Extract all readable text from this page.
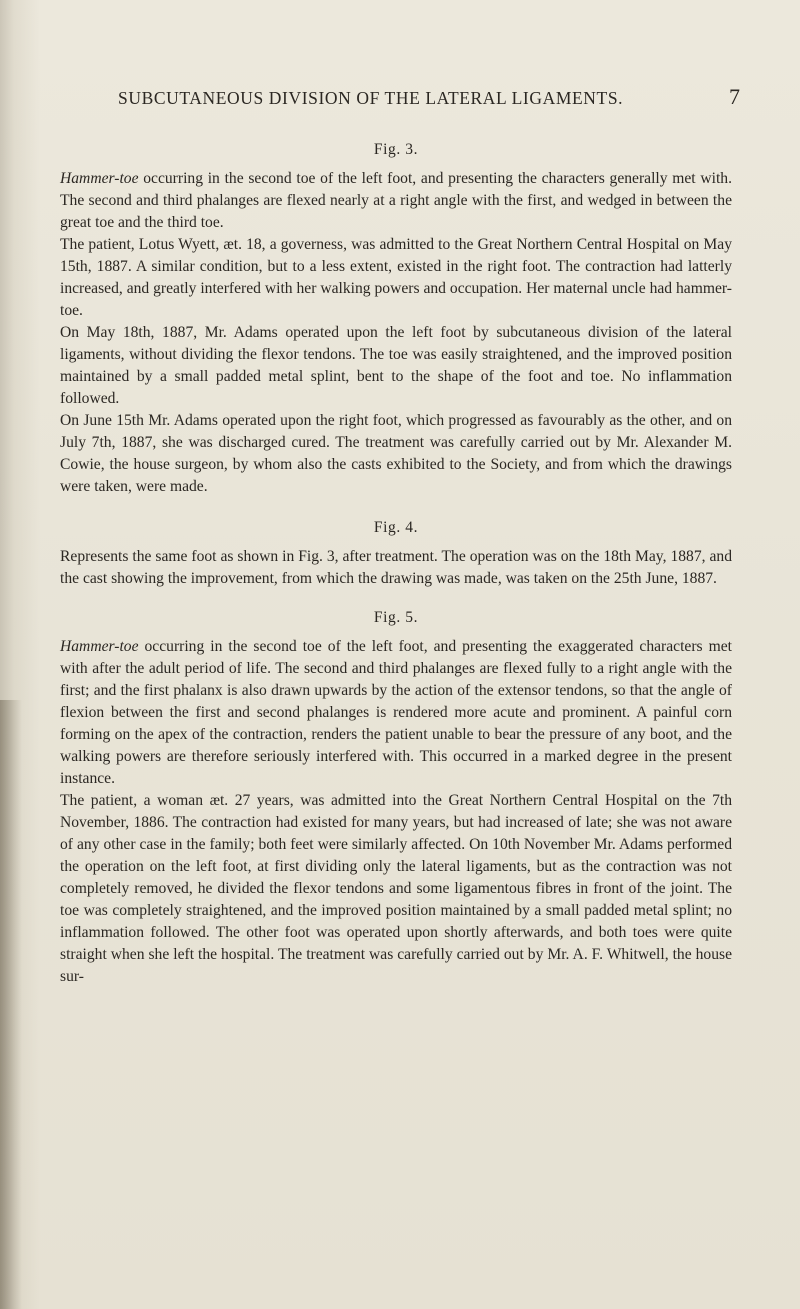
SUBCUTANEOUS DIVISION OF THE LATERAL LIGAMENTS.	7
Fig. 3.

Hammer-toe occurring in the second toe of the left foot, and presenting the characters generally met with. The second and third phalanges are flexed nearly at a right angle with the first, and wedged in between the great toe and the third toe.

The patient, Lotus Wyett, æt. 18, a governess, was admitted to the Great Northern Central Hospital on May 15th, 1887. A similar condition, but to a less extent, existed in the right foot. The contraction had latterly increased, and greatly interfered with her walking powers and occupation. Her maternal uncle had hammer-toe.

On May 18th, 1887, Mr. Adams operated upon the left foot by subcutaneous division of the lateral ligaments, without dividing the flexor tendons. The toe was easily straightened, and the improved position maintained by a small padded metal splint, bent to the shape of the foot and toe. No inflammation followed.

On June 15th Mr. Adams operated upon the right foot, which progressed as favourably as the other, and on July 7th, 1887, she was discharged cured. The treatment was carefully carried out by Mr. Alexander M. Cowie, the house surgeon, by whom also the casts exhibited to the Society, and from which the drawings were taken, were made.

Fig. 4.

Represents the same foot as shown in Fig. 3, after treatment. The operation was on the 18th May, 1887, and the cast showing the improvement, from which the drawing was made, was taken on the 25th June, 1887.

Fig. 5.

Hammer-toe occurring in the second toe of the left foot, and presenting the exaggerated characters met with after the adult period of life. The second and third phalanges are flexed fully to a right angle with the first; and the first phalanx is also drawn upwards by the action of the extensor tendons, so that the angle of flexion between the first and second phalanges is rendered more acute and prominent. A painful corn forming on the apex of the contraction, renders the patient unable to bear the pressure of any boot, and the walking powers are therefore seriously interfered with. This occurred in a marked degree in the present instance.

The patient, a woman æt. 27 years, was admitted into the Great Northern Central Hospital on the 7th November, 1886. The contraction had existed for many years, but had increased of late; she was not aware of any other case in the family; both feet were similarly affected. On 10th November Mr. Adams performed the operation on the left foot, at first dividing only the lateral ligaments, but as the contraction was not completely removed, he divided the flexor tendons and some ligamentous fibres in front of the joint. The toe was completely straightened, and the improved position maintained by a small padded metal splint; no inflammation followed. The other foot was operated upon shortly afterwards, and both toes were quite straight when she left the hospital. The treatment was carefully carried out by Mr. A. F. Whitwell, the house sur-
